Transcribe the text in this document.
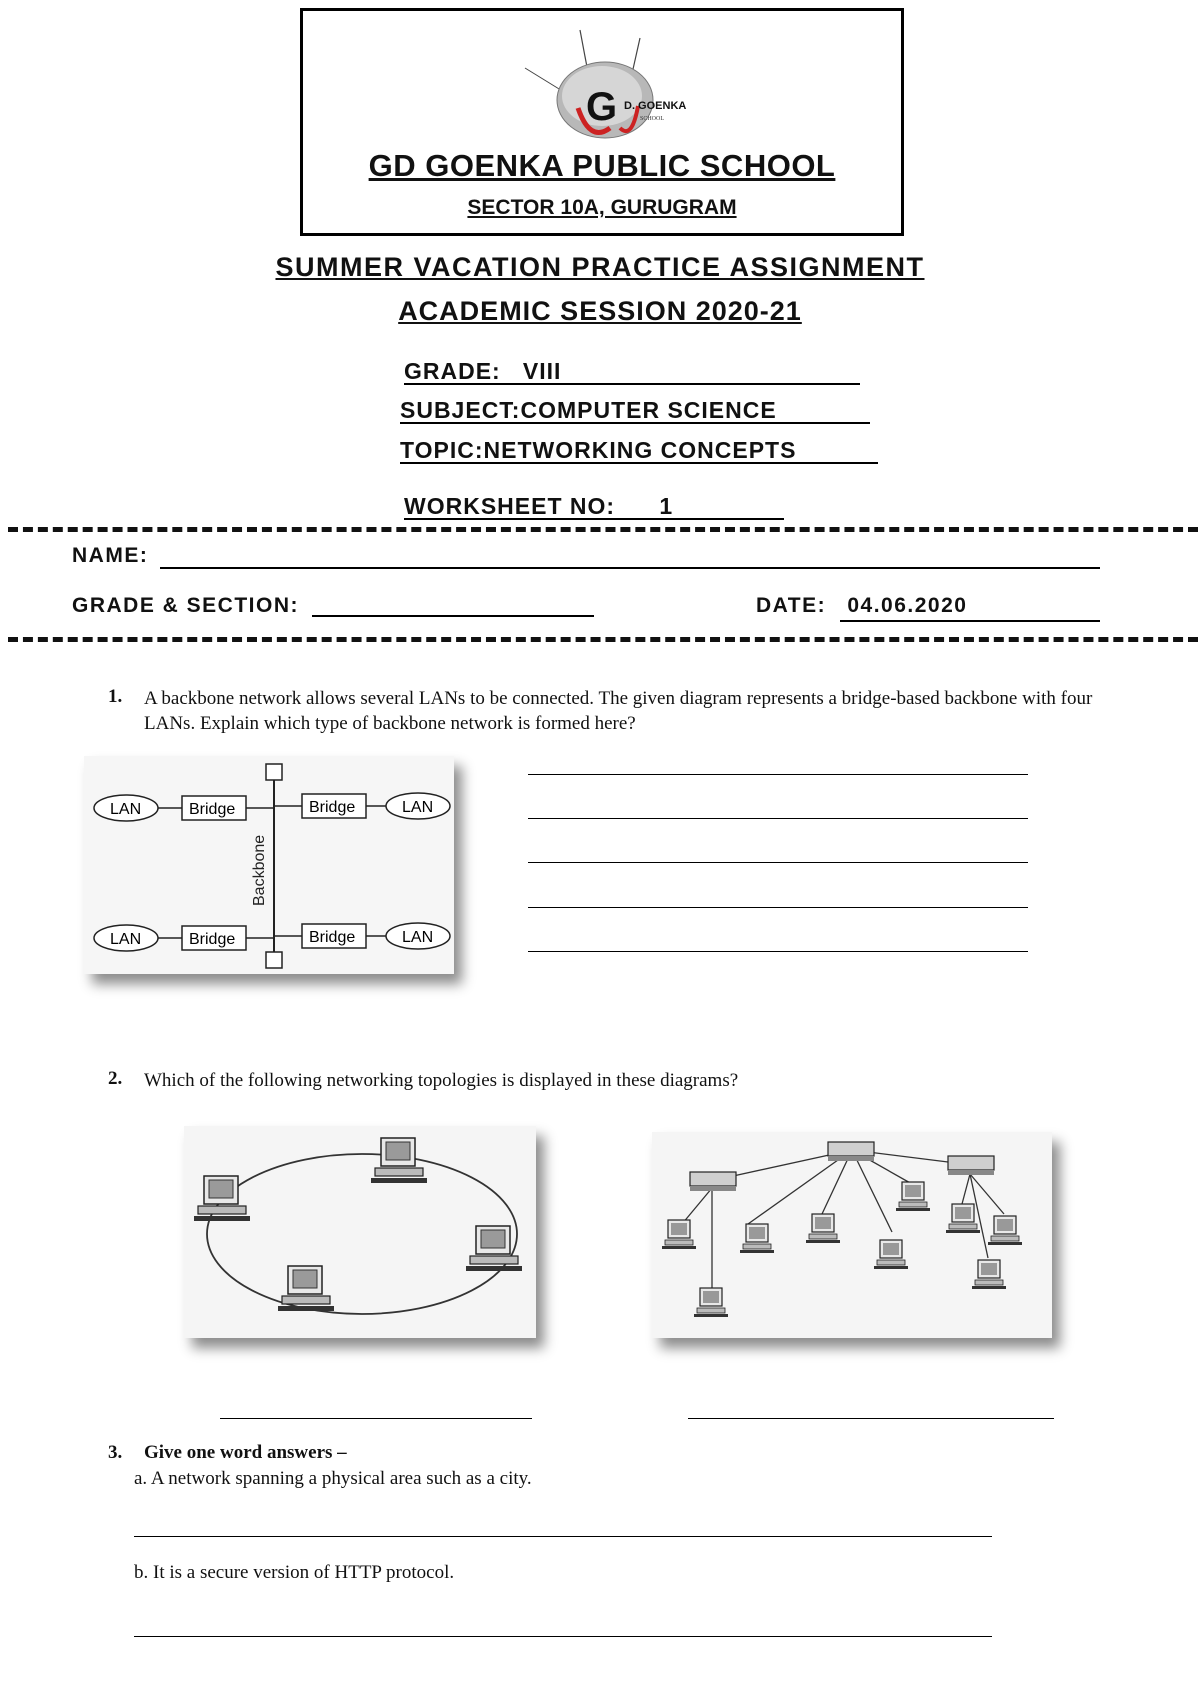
G D. GOENKA
SCHOOL
GD GOENKA PUBLIC SCHOOL
SECTOR 10A, GURUGRAM
SUMMER VACATION PRACTICE ASSIGNMENT
ACADEMIC SESSION 2020-21
GRADE: VIII
SUBJECT:COMPUTER SCIENCE
TOPIC:NETWORKING CONCEPTS
WORKSHEET NO: 1
NAME:
GRADE & SECTION:	DATE:	04.06.2020
1. A backbone network allows several LANs to be connected. The given diagram represents a bridge-based backbone with four LANs. Explain which type of backbone network is formed here?
Backbone
LAN	Bridge	Bridge	LAN
LAN	Bridge	Bridge	LAN
2. Which of the following networking topologies is displayed in these diagrams?
3. Give one word answers –
a. A network spanning a physical area such as a city.
b. It is a secure version of HTTP protocol.
